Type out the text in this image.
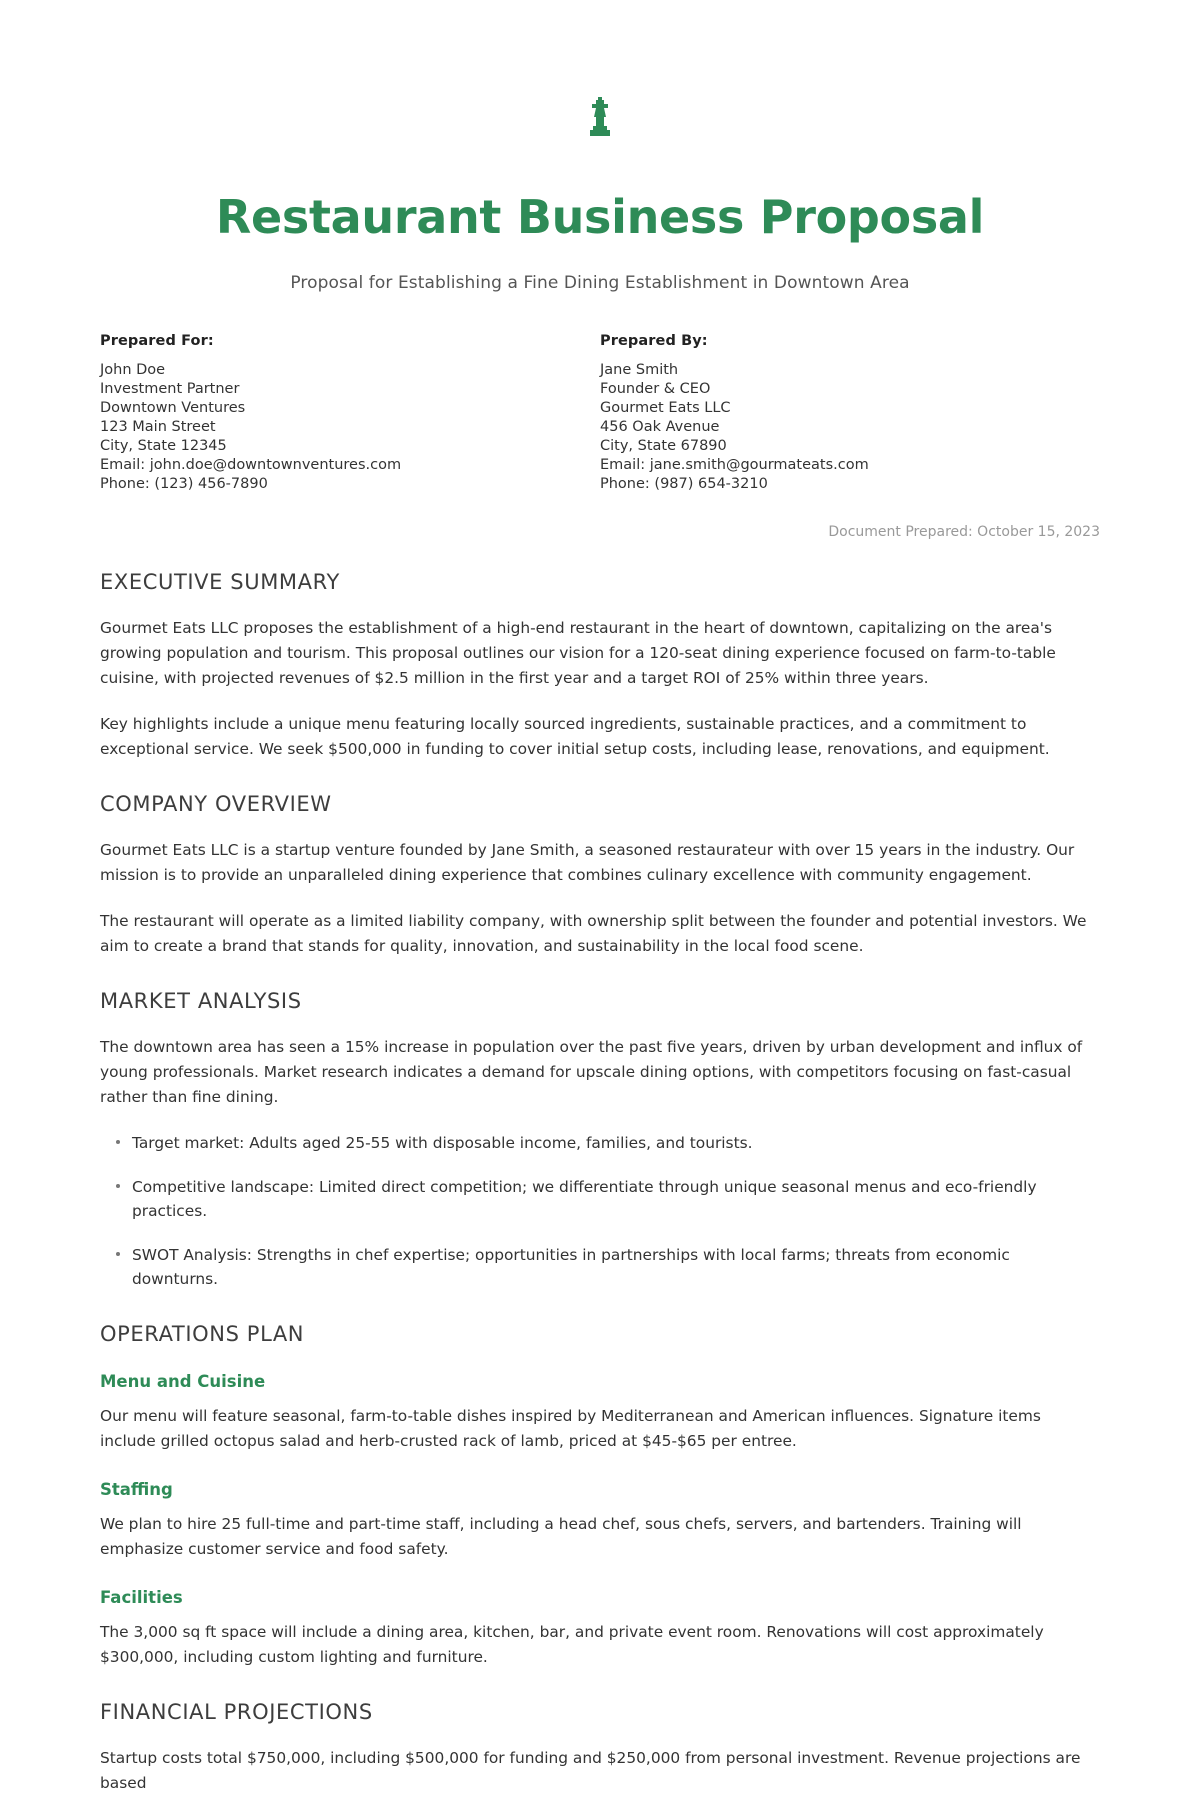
Restaurant Business Proposal

Proposal for Establishing a Fine Dining Establishment in Downtown Area

Prepared For:
John Doe
Investment Partner
Downtown Ventures
123 Main Street
City, State 12345
Email: john.doe@downtownventures.com
Phone: (123) 456-7890
Prepared By:
Jane Smith
Founder & CEO
Gourmet Eats LLC
456 Oak Avenue
City, State 67890
Email: jane.smith@gourmateats.com
Phone: (987) 654-3210
Document Prepared: October 15, 2023
EXECUTIVE SUMMARY

Gourmet Eats LLC proposes the establishment of a high-end restaurant in the heart of downtown, capitalizing on the area's growing population and tourism. This proposal outlines our vision for a 120-seat dining experience focused on farm-to-table cuisine, with projected revenues of $2.5 million in the first year and a target ROI of 25% within three years.

Key highlights include a unique menu featuring locally sourced ingredients, sustainable practices, and a commitment to exceptional service. We seek $500,000 in funding to cover initial setup costs, including lease, renovations, and equipment.

COMPANY OVERVIEW

Gourmet Eats LLC is a startup venture founded by Jane Smith, a seasoned restaurateur with over 15 years in the industry. Our mission is to provide an unparalleled dining experience that combines culinary excellence with community engagement.

The restaurant will operate as a limited liability company, with ownership split between the founder and potential investors. We aim to create a brand that stands for quality, innovation, and sustainability in the local food scene.

MARKET ANALYSIS

The downtown area has seen a 15% increase in population over the past five years, driven by urban development and influx of young professionals. Market research indicates a demand for upscale dining options, with competitors focusing on fast-casual rather than fine dining.

Target market: Adults aged 25-55 with disposable income, families, and tourists.
Competitive landscape: Limited direct competition; we differentiate through unique seasonal menus and eco-friendly practices.
SWOT Analysis: Strengths in chef expertise; opportunities in partnerships with local farms; threats from economic downturns.
OPERATIONS PLAN
Menu and Cuisine

Our menu will feature seasonal, farm-to-table dishes inspired by Mediterranean and American influences. Signature items include grilled octopus salad and herb-crusted rack of lamb, priced at $45-$65 per entree.

Staffing

We plan to hire 25 full-time and part-time staff, including a head chef, sous chefs, servers, and bartenders. Training will emphasize customer service and food safety.

Facilities

The 3,000 sq ft space will include a dining area, kitchen, bar, and private event room. Renovations will cost approximately $300,000, including custom lighting and furniture.

FINANCIAL PROJECTIONS

Startup costs total $750,000, including $500,000 for funding and $250,000 from personal investment. Revenue projections are based
